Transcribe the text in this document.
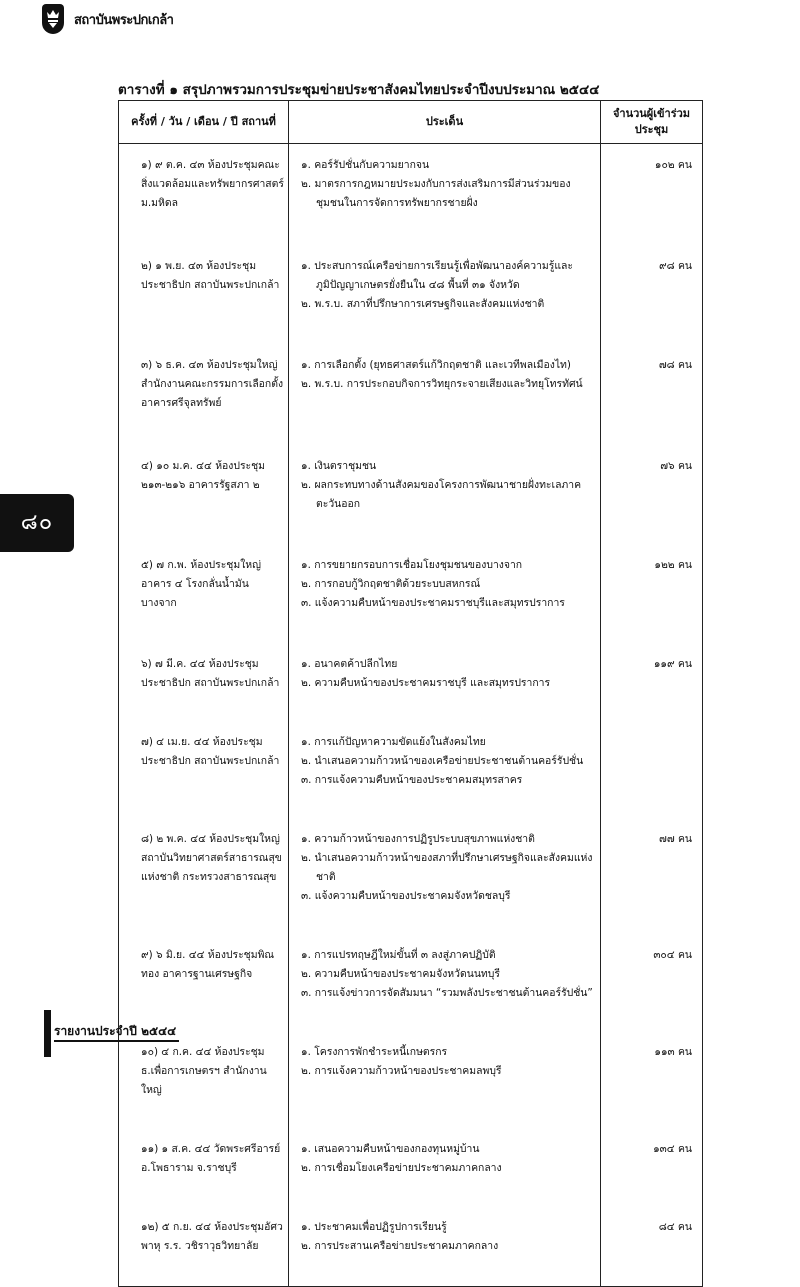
สถาบันพระปกเกล้า
ตารางที่ ๑ สรุปภาพรวมการประชุมข่ายประชาสังคมไทยประจำปีงบประมาณ ๒๕๔๔
ครั้งที่ / วัน / เดือน / ปี สถานที่	ประเด็น	จำนวนผู้เข้าร่วมประชุม

๑) ๙ ต.ค. ๔๓ ห้องประชุมคณะสิ่งแวดล้อมและทรัพยากรศาสตร์ ม.มหิดล	๑. คอร์รัปชั่นกับความยากจน
๒. มาตรการกฎหมายประมงกับการส่งเสริมการมีส่วนร่วมของชุมชนในการจัดการทรัพยากรชายฝั่ง	๑๐๒ คน

๒) ๑ พ.ย. ๔๓ ห้องประชุมประชาธิปก สถาบันพระปกเกล้า	๑. ประสบการณ์เครือข่ายการเรียนรู้เพื่อพัฒนาองค์ความรู้และภูมิปัญญาเกษตรยั่งยืนใน ๔๘ พื้นที่ ๓๑ จังหวัด
๒. พ.ร.บ. สภาที่ปรึกษาการเศรษฐกิจและสังคมแห่งชาติ	๙๘ คน

๓) ๖ ธ.ค. ๔๓ ห้องประชุมใหญ่ สำนักงานคณะกรรมการเลือกตั้ง อาคารศรีจุลทรัพย์	๑. การเลือกตั้ง (ยุทธศาสตร์แก้วิกฤตชาติ และเวทีพลเมืองไท)
๒. พ.ร.บ. การประกอบกิจการวิทยุกระจายเสียงและวิทยุโทรทัศน์	๗๘ คน

๔) ๑๐ ม.ค. ๔๔ ห้องประชุม ๒๑๓-๒๑๖ อาคารรัฐสภา ๒	๑. เงินตราชุมชน
๒. ผลกระทบทางด้านสังคมของโครงการพัฒนาชายฝั่งทะเลภาคตะวันออก	๗๖ คน

๕) ๗ ก.พ. ห้องประชุมใหญ่ อาคาร ๔ โรงกลั่นน้ำมันบางจาก	๑. การขยายกรอบการเชื่อมโยงชุมชนของบางจาก
๒. การกอบกู้วิกฤตชาติด้วยระบบสหกรณ์
๓. แจ้งความคืบหน้าของประชาคมราชบุรีและสมุทรปราการ	๑๒๒ คน

๖) ๗ มี.ค. ๔๔ ห้องประชุมประชาธิปก สถาบันพระปกเกล้า	๑. อนาคตค้าปลีกไทย
๒. ความคืบหน้าของประชาคมราชบุรี และสมุทรปราการ	๑๑๙ คน

๗) ๔ เม.ย. ๔๔ ห้องประชุมประชาธิปก สถาบันพระปกเกล้า	๑. การแก้ปัญหาความขัดแย้งในสังคมไทย
๒. นำเสนอความก้าวหน้าของเครือข่ายประชาชนต้านคอร์รัปชั่น
๓. การแจ้งความคืบหน้าของประชาคมสมุทรสาคร	

๘) ๒ พ.ค. ๔๔ ห้องประชุมใหญ่ สถาบันวิทยาศาสตร์สาธารณสุขแห่งชาติ กระทรวงสาธารณสุข	๑. ความก้าวหน้าของการปฏิรูประบบสุขภาพแห่งชาติ
๒. นำเสนอความก้าวหน้าของสภาที่ปรึกษาเศรษฐกิจและสังคมแห่งชาติ
๓. แจ้งความคืบหน้าของประชาคมจังหวัดชลบุรี	๗๗ คน

๙) ๖ มิ.ย. ๔๔ ห้องประชุมพิณทอง อาคารฐานเศรษฐกิจ	๑. การแปรทฤษฎีใหม่ขั้นที่ ๓ ลงสู่ภาคปฏิบัติ
๒. ความคืบหน้าของประชาคมจังหวัดนนทบุรี
๓. การแจ้งข่าวการจัดสัมมนา “รวมพลังประชาชนต้านคอร์รัปชั่น”	๓๐๔ คน

๑๐) ๔ ก.ค. ๔๔ ห้องประชุม ธ.เพื่อการเกษตรฯ สำนักงานใหญ่	๑. โครงการพักชำระหนี้เกษตรกร
๒. การแจ้งความก้าวหน้าของประชาคมลพบุรี	๑๑๓ คน

๑๑) ๑ ส.ค. ๔๔ วัดพระศรีอารย์ อ.โพธาราม จ.ราชบุรี	๑. เสนอความคืบหน้าของกองทุนหมู่บ้าน
๒. การเชื่อมโยงเครือข่ายประชาคมภาคกลาง	๑๓๔ คน

๑๒) ๕ ก.ย. ๔๔ ห้องประชุมอัศวพาหุ ร.ร. วชิราวุธวิทยาลัย	๑. ประชาคมเพื่อปฏิรูปการเรียนรู้
๒. การประสานเครือข่ายประชาคมภาคกลาง	๘๔ คน
๘๐
รายงานประจำปี ๒๕๔๔
